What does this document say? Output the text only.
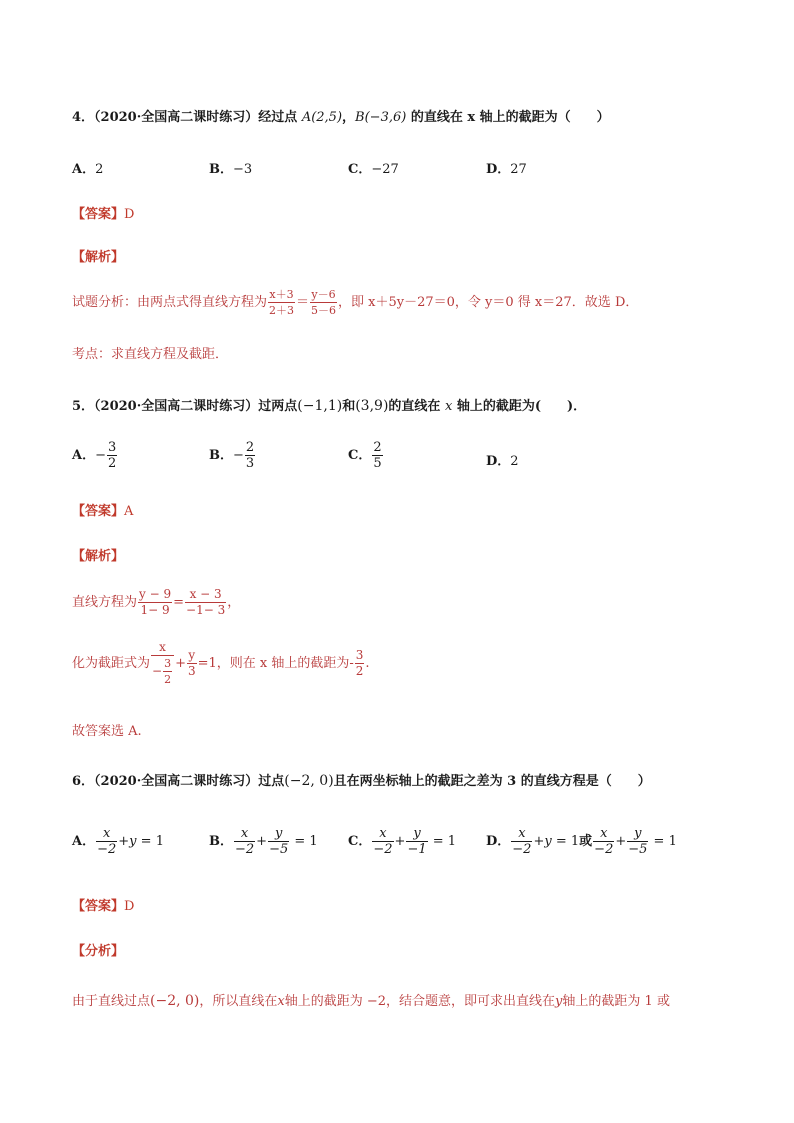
4．（2020·全国高二课时练习）经过点 A(2,5)，B(−3,6) 的直线在 x 轴上的截距为（　　）
A．2	B．−3	C．−27	D．27
【答案】D
【解析】
试题分析：由两点式得直线方程为 $\frac{x+3}{2+3} = \frac{y-6}{5-6}$ ，即 x＋5y－27＝0，令 y＝0 得 x＝27．故选 D．
考点：求直线方程及截距．
5．（2020·全国高二课时练习）过两点(−1,1)和(3,9)的直线在 x 轴上的截距为(　　)．
A．− $\frac{3}{2}$	B．− $\frac{2}{3}$	C． $\frac{2}{5}$	D．2
【答案】A
【解析】
直线方程为 $\frac{y - 9}{1- 9} = \frac{x - 3}{-1- 3}$ ，
化为截距式为 $\frac{x}{- \frac{3}{2}} + \frac{y}{3} =1$，则在 x 轴上的截距为- $\frac{3}{2}$ .
故答案选 A.
6．（2020·全国高二课时练习）过点(−2, 0)且在两坐标轴上的截距之差为 3 的直线方程是（　　）
A． $\frac{x}{-2} +y = 1$	B． $\frac{x}{-2} + \frac{y}{-5} = 1$ C． $\frac{x}{-2} + \frac{y}{-1} = 1$ D． $\frac{x}{-2} +y = 1$或 $\frac{x}{-2} + \frac{y}{-5} = 1$
【答案】D
【分析】
由于直线过点(−2, 0)，所以直线在x轴上的截距为 −2，结合题意，即可求出直线在y轴上的截距为 1 或
